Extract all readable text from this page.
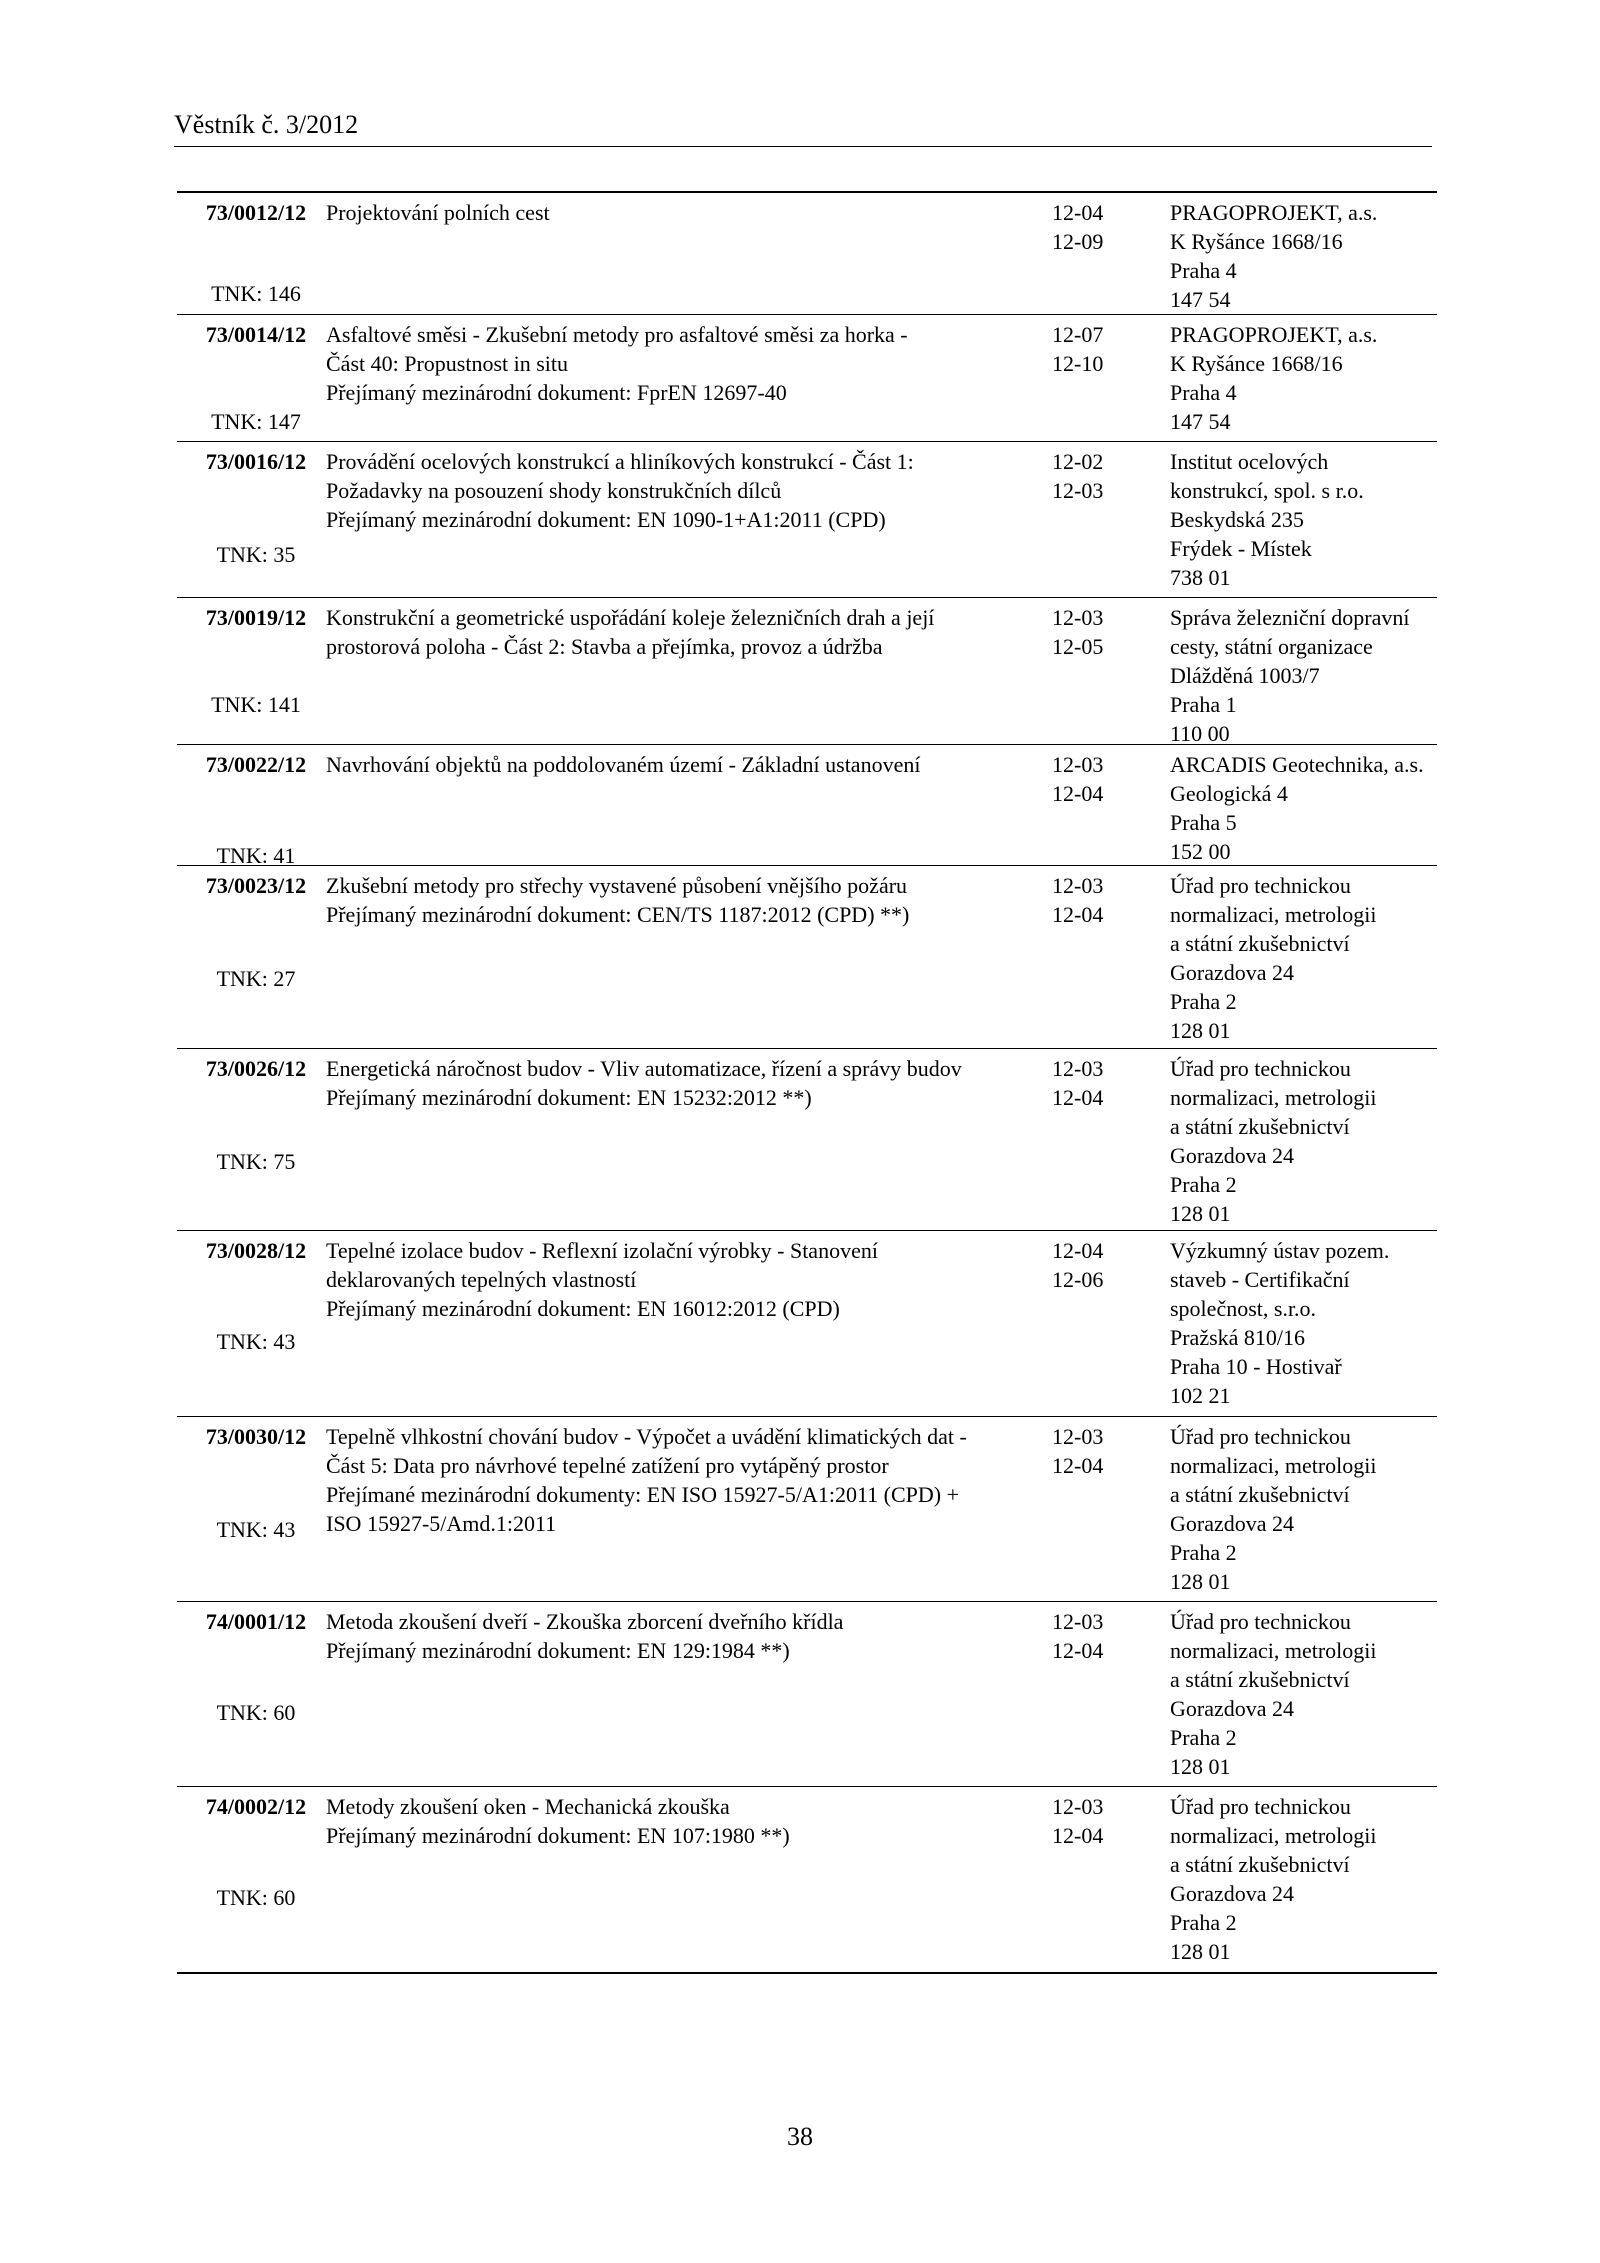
Věstník č. 3/2012
73/0012/12
TNK: 146
Projektování polních cest	12-04
12-09
PRAGOPROJEKT, a.s.
K Ryšánce 1668/16
Praha 4
147 54
73/0014/12
TNK: 147
Asfaltové směsi - Zkušební metody pro asfaltové směsi za horka -
Část 40: Propustnost in situ
Přejímaný mezinárodní dokument: FprEN 12697-40
12-07
12-10
PRAGOPROJEKT, a.s.
K Ryšánce 1668/16
Praha 4
147 54
73/0016/12
TNK: 35
Provádění ocelových konstrukcí a hliníkových konstrukcí - Část 1:
Požadavky na posouzení shody konstrukčních dílců
Přejímaný mezinárodní dokument: EN 1090-1+A1:2011 (CPD)
12-02
12-03
Institut ocelových
konstrukcí, spol. s r.o.
Beskydská 235
Frýdek - Místek
738 01
73/0019/12
TNK: 141
Konstrukční a geometrické uspořádání koleje železničních drah a její
prostorová poloha - Část 2: Stavba a přejímka, provoz a údržba
12-03
12-05
Správa železniční dopravní
cesty, státní organizace
Dlážděná 1003/7
Praha 1
110 00
73/0022/12
TNK: 41
Navrhování objektů na poddolovaném území - Základní ustanovení	12-03
12-04
ARCADIS Geotechnika, a.s.
Geologická 4
Praha 5
152 00
73/0023/12
TNK: 27
Zkušební metody pro střechy vystavené působení vnějšího požáru
Přejímaný mezinárodní dokument: CEN/TS 1187:2012 (CPD) **)
12-03
12-04
Úřad pro technickou
normalizaci, metrologii
a státní zkušebnictví
Gorazdova 24
Praha 2
128 01
73/0026/12
TNK: 75
Energetická náročnost budov - Vliv automatizace, řízení a správy budov
Přejímaný mezinárodní dokument: EN 15232:2012 **)
12-03
12-04
Úřad pro technickou
normalizaci, metrologii
a státní zkušebnictví
Gorazdova 24
Praha 2
128 01
73/0028/12
TNK: 43
Tepelné izolace budov - Reflexní izolační výrobky - Stanovení
deklarovaných tepelných vlastností
Přejímaný mezinárodní dokument: EN 16012:2012 (CPD)
12-04
12-06
Výzkumný ústav pozem.
staveb - Certifikační
společnost, s.r.o.
Pražská 810/16
Praha 10 - Hostivař
102 21
73/0030/12
TNK: 43
Tepelně vlhkostní chování budov - Výpočet a uvádění klimatických dat -
Část 5: Data pro návrhové tepelné zatížení pro vytápěný prostor
Přejímané mezinárodní dokumenty: EN ISO 15927-5/A1:2011 (CPD) +
ISO 15927-5/Amd.1:2011
12-03
12-04
Úřad pro technickou
normalizaci, metrologii
a státní zkušebnictví
Gorazdova 24
Praha 2
128 01
74/0001/12
TNK: 60
Metoda zkoušení dveří - Zkouška zborcení dveřního křídla
Přejímaný mezinárodní dokument: EN 129:1984 **)
12-03
12-04
Úřad pro technickou
normalizaci, metrologii
a státní zkušebnictví
Gorazdova 24
Praha 2
128 01
74/0002/12
TNK: 60
Metody zkoušení oken - Mechanická zkouška
Přejímaný mezinárodní dokument: EN 107:1980 **)
12-03
12-04
Úřad pro technickou
normalizaci, metrologii
a státní zkušebnictví
Gorazdova 24
Praha 2
128 01
38
